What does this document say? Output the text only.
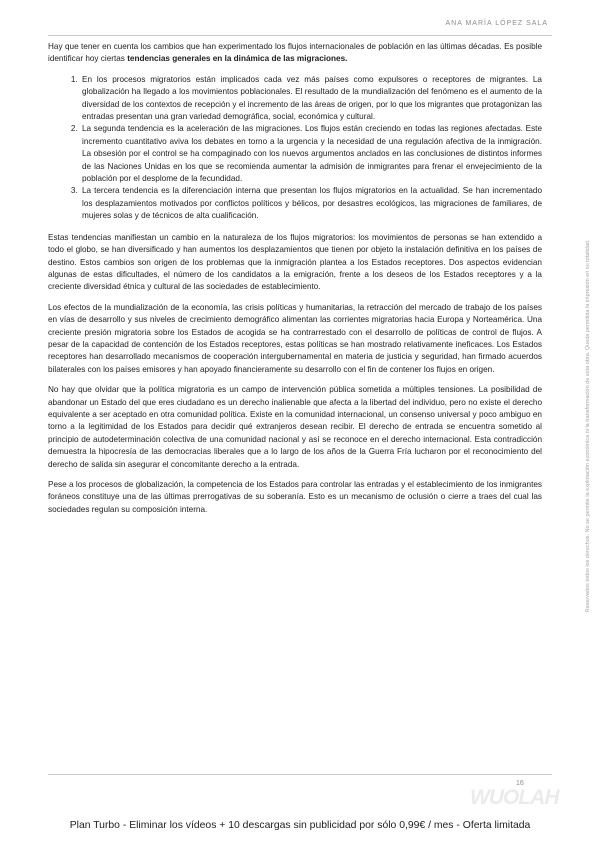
ANA MARÍA LÓPEZ SALA

Hay que tener en cuenta los cambios que han experimentado los flujos internacionales de población en las últimas décadas. Es posible identificar hoy ciertas tendencias generales en la dinámica de las migraciones.

1. En los procesos migratorios están implicados cada vez más países como expulsores o receptores de migrantes. La globalización ha llegado a los movimientos poblacionales. El resultado de la mundialización del fenómeno es el aumento de la diversidad de los contextos de recepción y el incremento de las áreas de origen, por lo que los migrantes que protagonizan las entradas presentan una gran variedad demográfica, social, económica y cultural.
2. La segunda tendencia es la aceleración de las migraciones. Los flujos están creciendo en todas las regiones afectadas. Este incremento cuantitativo aviva los debates en torno a la urgencia y la necesidad de una regulación afectiva de la inmigración. La obsesión por el control se ha compaginado con los nuevos argumentos anclados en las conclusiones de distintos informes de las Naciones Unidas en los que se recomienda aumentar la admisión de inmigrantes para frenar el envejecimiento de la población por el desplome de la fecundidad.
3. La tercera tendencia es la diferenciación interna que presentan los flujos migratorios en la actualidad. Se han incrementado los desplazamientos motivados por conflictos políticos y bélicos, por desastres ecológicos, las migraciones de familiares, de mujeres solas y de técnicos de alta cualificación.

Estas tendencias manifiestan un cambio en la naturaleza de los flujos migratorios: los movimientos de personas se han extendido a todo el globo, se han diversificado y han aumentos los desplazamientos que tienen por objeto la instalación definitiva en los países de destino. Estos cambios son origen de los problemas que la inmigración plantea a los Estados receptores. Dos aspectos evidencian algunas de estas dificultades, el número de los candidatos a la emigración, frente a los deseos de los Estados receptores y a la creciente diversidad étnica y cultural de las sociedades de establecimiento.

Los efectos de la mundialización de la economía, las crisis políticas y humanitarias, la retracción del mercado de trabajo de los países en vías de desarrollo y sus niveles de crecimiento demográfico alimentan las corrientes migratorias hacia Europa y Norteamérica. Una creciente presión migratoria sobre los Estados de acogida se ha contrarrestado con el desarrollo de políticas de control de flujos. A pesar de la capacidad de contención de los Estados receptores, estas políticas se han mostrado relativamente ineficaces. Los Estados receptores han desarrollado mecanismos de cooperación intergubernamental en materia de justicia y seguridad, han firmado acuerdos bilaterales con los países emisores y han apoyado financieramente su desarrollo con el fin de contener los flujos en origen.

No hay que olvidar que la política migratoria es un campo de intervención pública sometida a múltiples tensiones. La posibilidad de abandonar un Estado del que eres ciudadano es un derecho inalienable que afecta a la libertad del individuo, pero no existe el derecho equivalente a ser aceptado en otra comunidad política. Existe en la comunidad internacional, un consenso universal y poco ambiguo en torno a la legitimidad de los Estados para decidir qué extranjeros desean recibir. El derecho de entrada se encuentra sometido al principio de autodeterminación colectiva de una comunidad nacional y así se reconoce en el derecho internacional. Esta contradicción demuestra la hipocresía de las democracias liberales que a lo largo de los años de la Guerra Fría lucharon por el reconocimiento del derecho de salida sin asegurar el concomitante derecho a la entrada.

Pese a los procesos de globalización, la competencia de los Estados para controlar las entradas y el establecimiento de los inmigrantes foráneos constituye una de las últimas prerrogativas de su soberanía. Esto es un mecanismo de oclusión o cierre a traes del cual las sociedades regulan su composición interna.	Reservados todos los derechos. No se permite la explotación económica ni la transformación de esta obra. Queda permitida la impresión en su totalidad.
16
WUOLAH
Plan Turbo - Eliminar los vídeos + 10 descargas sin publicidad por sólo 0,99€ / mes - Oferta limitada
